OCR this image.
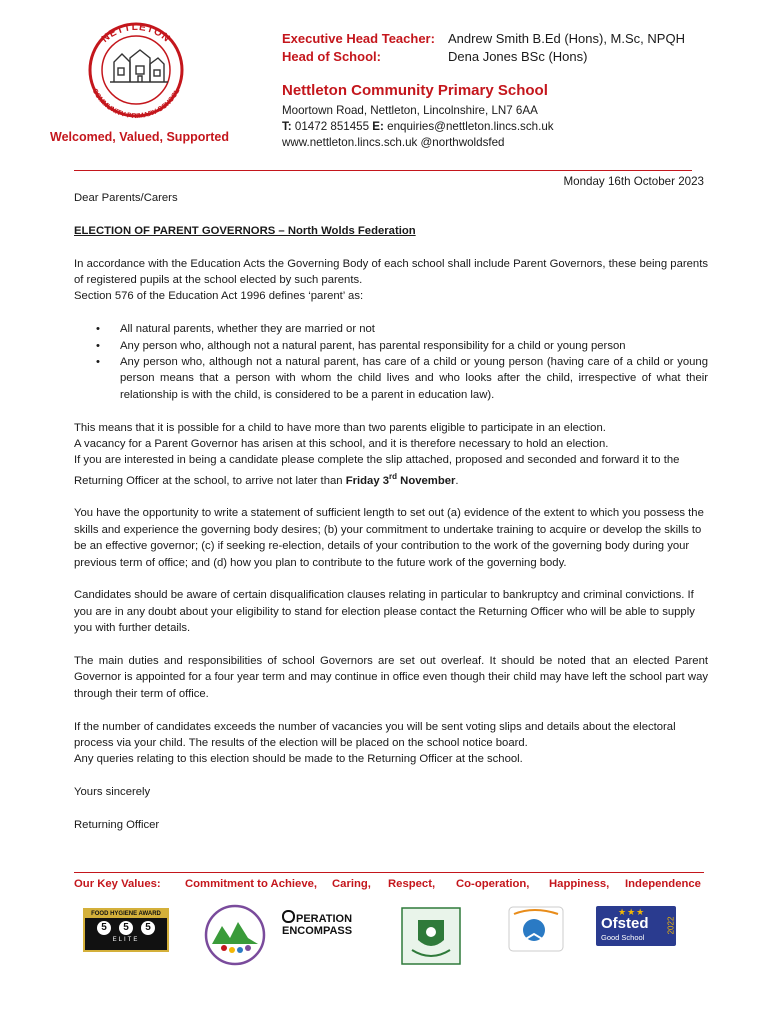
NETTLETON
COMMUNITY PRIMARY SCHOOL
Welcomed, Valued, Supported
Executive Head Teacher: Andrew Smith B.Ed (Hons), M.Sc, NPQH
Head of School:	Dena Jones BSc (Hons)
Nettleton Community Primary School
Moortown Road, Nettleton, Lincolnshire, LN7 6AA
T: 01472 851455 E: enquiries@nettleton.lincs.sch.uk
www.nettleton.lincs.sch.uk @northwoldsfed
Monday 16th October 2023

Dear Parents/Carers

ELECTION OF PARENT GOVERNORS – North Wolds Federation

In accordance with the Education Acts the Governing Body of each school shall include Parent Governors, these being parents of registered pupils at the school elected by such parents.

Section 576 of the Education Act 1996 defines ‘parent’ as:

• All natural parents, whether they are married or not
• Any person who, although not a natural parent, has parental responsibility for a child or young person
• Any person who, although not a natural parent, has care of a child or young person (having care of a child or young person means that a person with whom the child lives and who looks after the child, irrespective of what their relationship is with the child, is considered to be a parent in education law).

This means that it is possible for a child to have more than two parents eligible to participate in an election.
A vacancy for a Parent Governor has arisen at this school, and it is therefore necessary to hold an election.
If you are interested in being a candidate please complete the slip attached, proposed and seconded and forward it to the Returning Officer at the school, to arrive not later than Friday 3rd November.

You have the opportunity to write a statement of sufficient length to set out (a) evidence of the extent to which you possess the skills and experience the governing body desires; (b) your commitment to undertake training to acquire or develop the skills to be an effective governor; (c) if seeking re-election, details of your contribution to the work of the governing body during your previous term of office; and (d) how you plan to contribute to the future work of the governing body.

Candidates should be aware of certain disqualification clauses relating in particular to bankruptcy and criminal convictions. If you are in any doubt about your eligibility to stand for election please contact the Returning Officer who will be able to supply you with further details.

The main duties and responsibilities of school Governors are set out overleaf. It should be noted that an elected Parent Governor is appointed for a four year term and may continue in office even though their child may have left the school part way through their term of office.

If the number of candidates exceeds the number of vacancies you will be sent voting slips and details about the electoral process via your child. The results of the election will be placed on the school notice board.
Any queries relating to this election should be made to the Returning Officer at the school.

Yours sincerely

Returning Officer

Our Key Values: Commitment to Achieve, Caring, Respect, Co-operation, Happiness, Independence
FOOD HYGIENE AWARD
5	5	5
ELITE
PERATION
ENCOMPASS
★★★
Ofsted
Good School
2022
